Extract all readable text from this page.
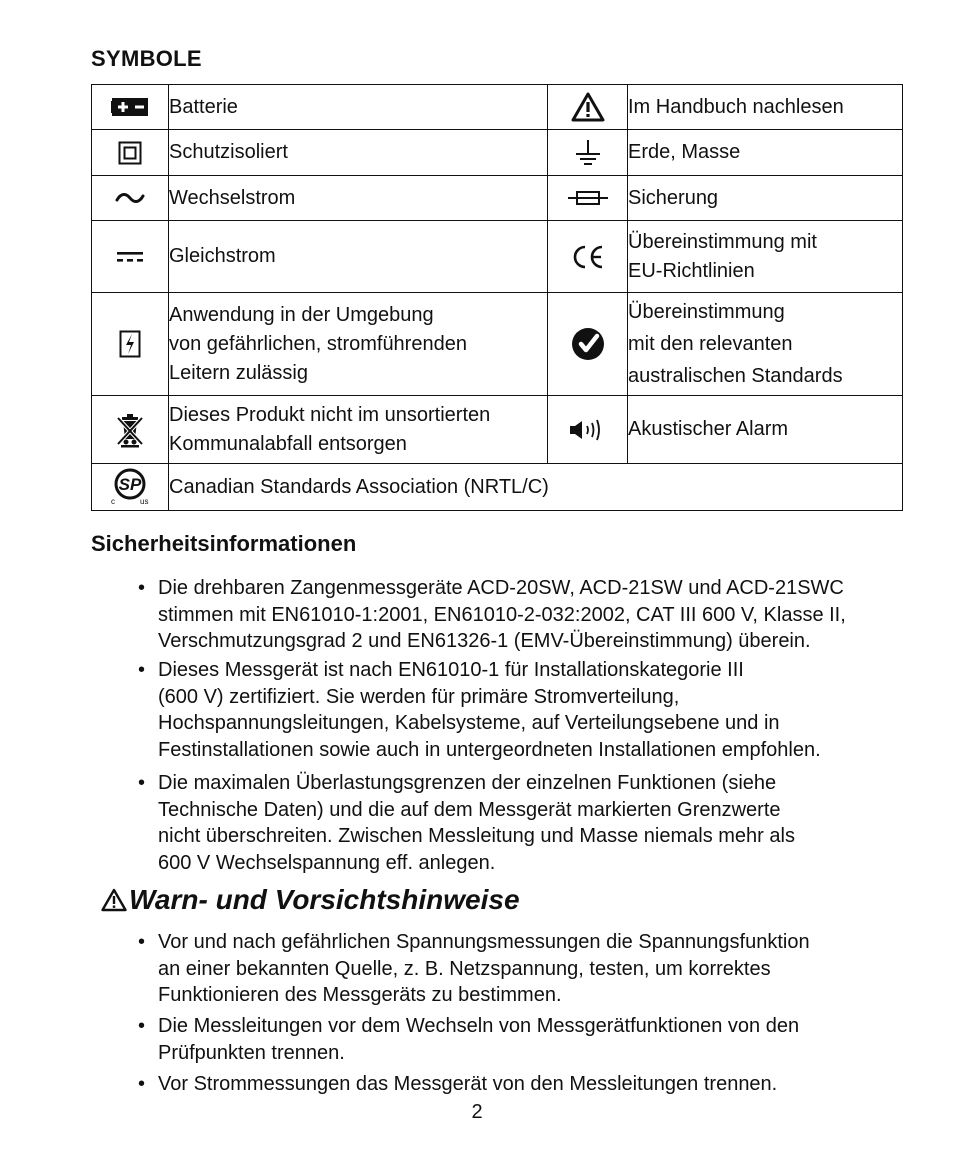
SYMBOLE
	Batterie		Im Handbuch nachlesen

	Schutzisoliert		Erde, Masse

	Wechselstrom		Sicherung

	Gleichstrom		Übereinstimmung mit
EU-Richtlinien

	Anwendung in der Umgebung
von gefährlichen, stromführenden
Leitern zulässig		Übereinstimmung
mit den relevanten
australischen Standards

	Dieses Produkt nicht im unsortierten
Kommunalabfall entsorgen		Akustischer Alarm

SP
c us	Canadian Standards Association (NRTL/C)		
Sicherheitsinformationen
• Die drehbaren Zangenmessgeräte ACD-20SW, ACD-21SW und ACD-21SWC
stimmen mit EN61010-1:2001, EN61010-2-032:2002, CAT III 600 V, Klasse II,
Verschmutzungsgrad 2 und EN61326-1 (EMV-Übereinstimmung) überein.
• Dieses Messgerät ist nach EN61010-1 für Installationskategorie III
(600 V) zertifiziert. Sie werden für primäre Stromverteilung,
Hochspannungsleitungen, Kabelsysteme, auf Verteilungsebene und in
Festinstallationen sowie auch in untergeordneten Installationen empfohlen.
• Die maximalen Überlastungsgrenzen der einzelnen Funktionen (siehe
Technische Daten) und die auf dem Messgerät markierten Grenzwerte
nicht überschreiten. Zwischen Messleitung und Masse niemals mehr als
600 V Wechselspannung eff. anlegen.
Warn- und Vorsichtshinweise
• Vor und nach gefährlichen Spannungsmessungen die Spannungsfunktion
an einer bekannten Quelle, z. B. Netzspannung, testen, um korrektes
Funktionieren des Messgeräts zu bestimmen.
• Die Messleitungen vor dem Wechseln von Messgerätfunktionen von den
Prüfpunkten trennen.
• Vor Strommessungen das Messgerät von den Messleitungen trennen.
2
